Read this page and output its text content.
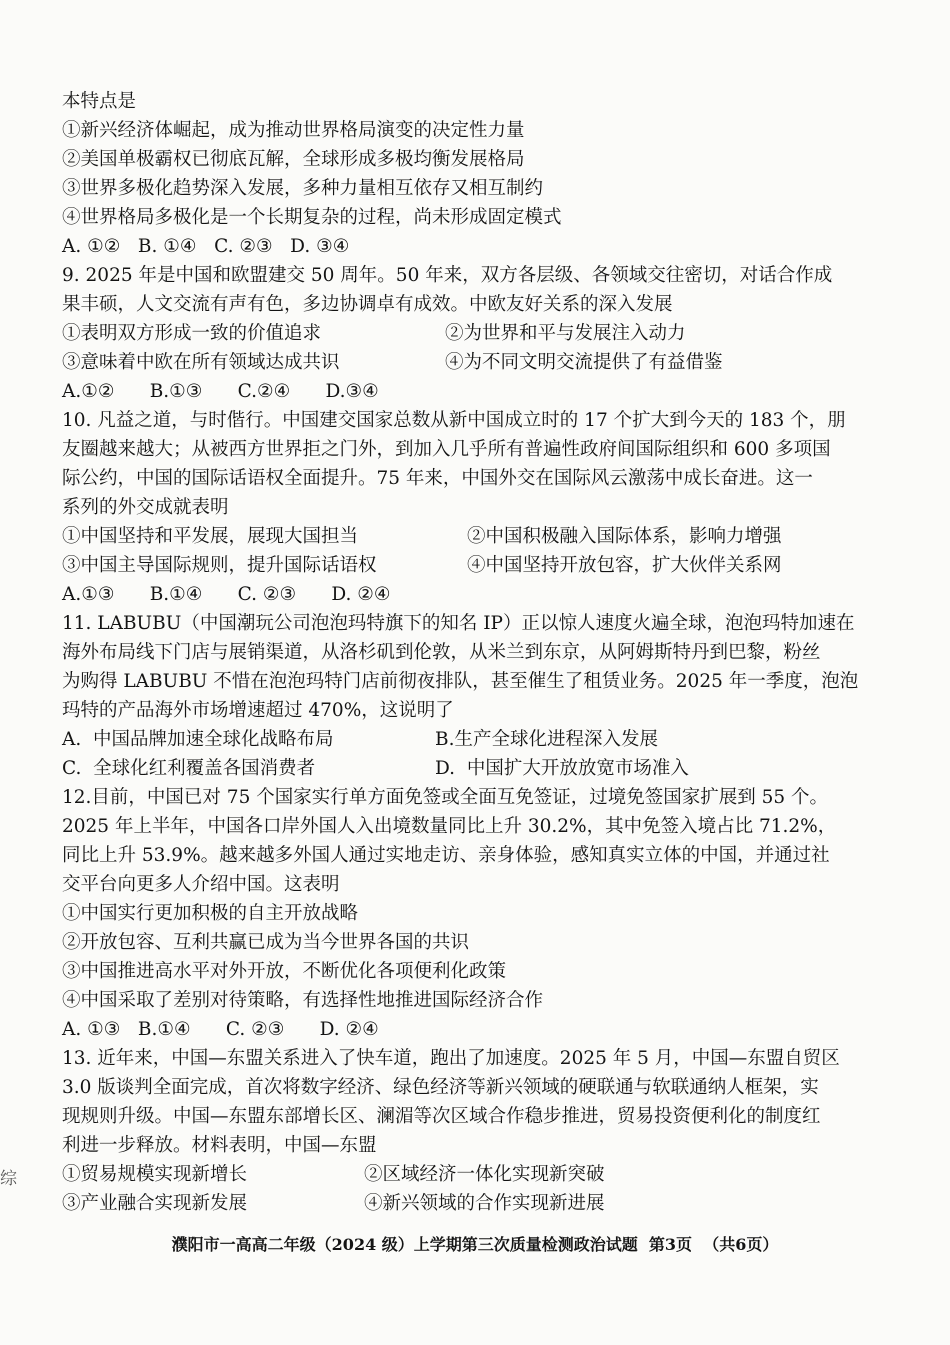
本特点是
①新兴经济体崛起，成为推动世界格局演变的决定性力量
②美国单极霸权已彻底瓦解，全球形成多极均衡发展格局
③世界多极化趋势深入发展，多种力量相互依存又相互制约
④世界格局多极化是一个长期复杂的过程，尚未形成固定模式
A. ①②   B. ①④   C. ②③   D. ③④
9. 2025 年是中国和欧盟建交 50 周年。50 年来，双方各层级、各领域交往密切，对话合作成
果丰硕，人文交流有声有色，多边协调卓有成效。中欧友好关系的深入发展
①表明双方形成一致的价值追求	②为世界和平与发展注入动力
③意味着中欧在所有领域达成共识	④为不同文明交流提供了有益借鉴
A.①②      B.①③      C.②④      D.③④
10. 凡益之道，与时偕行。中国建交国家总数从新中国成立时的 17 个扩大到今天的 183 个，朋
友圈越来越大；从被西方世界拒之门外，到加入几乎所有普遍性政府间国际组织和 600 多项国
际公约，中国的国际话语权全面提升。75 年来，中国外交在国际风云激荡中成长奋进。这一
系列的外交成就表明
①中国坚持和平发展，展现大国担当	②中国积极融入国际体系，影响力增强
③中国主导国际规则，提升国际话语权	④中国坚持开放包容，扩大伙伴关系网
A.①③      B.①④      C. ②③      D. ②④
11. LABUBU（中国潮玩公司泡泡玛特旗下的知名 IP）正以惊人速度火遍全球，泡泡玛特加速在
海外布局线下门店与展销渠道，从洛杉矶到伦敦，从米兰到东京，从阿姆斯特丹到巴黎，粉丝
为购得 LABUBU 不惜在泡泡玛特门店前彻夜排队，甚至催生了租赁业务。2025 年一季度，泡泡
玛特的产品海外市场增速超过 470%，这说明了
A.  中国品牌加速全球化战略布局	B.生产全球化进程深入发展
C.  全球化红利覆盖各国消费者	D.  中国扩大开放放宽市场准入
12.目前，中国已对 75 个国家实行单方面免签或全面互免签证，过境免签国家扩展到 55 个。
2025 年上半年，中国各口岸外国人入出境数量同比上升 30.2%，其中免签入境占比 71.2%，
同比上升 53.9%。越来越多外国人通过实地走访、亲身体验，感知真实立体的中国，并通过社
交平台向更多人介绍中国。这表明
①中国实行更加积极的自主开放战略
②开放包容、互利共赢已成为当今世界各国的共识
③中国推进高水平对外开放，不断优化各项便利化政策
④中国采取了差别对待策略，有选择性地推进国际经济合作
A. ①③   B.①④      C. ②③      D. ②④
13. 近年来，中国—东盟关系进入了快车道，跑出了加速度。2025 年 5 月，中国—东盟自贸区
3.0 版谈判全面完成，首次将数字经济、绿色经济等新兴领域的硬联通与软联通纳人框架，实
现规则升级。中国—东盟东部增长区、澜湄等次区域合作稳步推进，贸易投资便利化的制度红
利进一步释放。材料表明，中国—东盟
①贸易规模实现新增长	②区域经济一体化实现新突破
③产业融合实现新发展	④新兴领域的合作实现新进展
综
濮阳市一高高二年级（2024 级）上学期第三次质量检测政治试题  第3页  （共6页）
